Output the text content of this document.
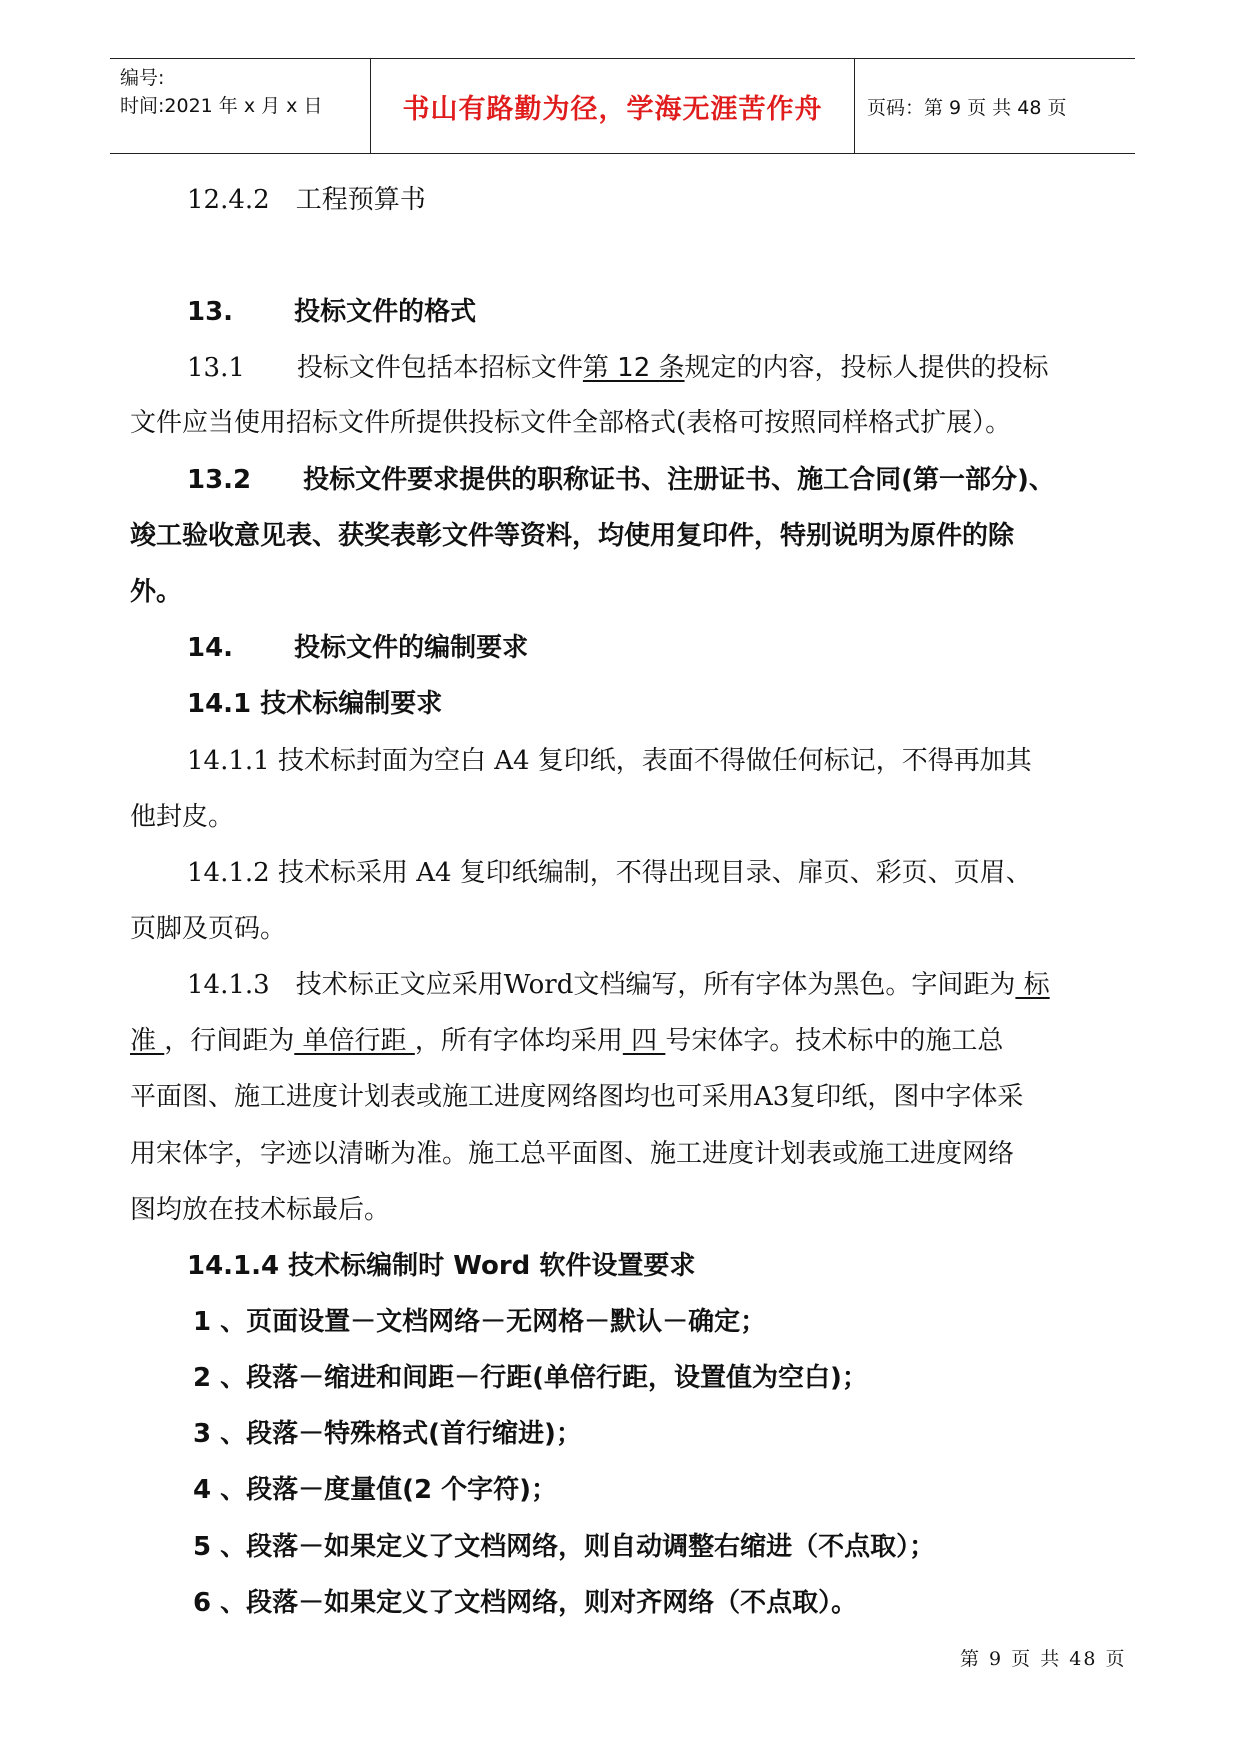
编号:
时间:2021 年 x 月 x 日	书山有路勤为径，学海无涯苦作舟	页码：第 9 页 共 48 页
12.4.2　工程预算书
13.　　 投标文件的格式
13.1　　投标文件包括本招标文件第 12 条规定的内容，投标人提供的投标
文件应当使用招标文件所提供投标文件全部格式(表格可按照同样格式扩展）。
13.2　　投标文件要求提供的职称证书、注册证书、施工合同(第一部分)、
竣工验收意见表、获奖表彰文件等资料，均使用复印件，特别说明为原件的除
外。
14.　　 投标文件的编制要求
14.1 技术标编制要求
14.1.1 技术标封面为空白 A4 复印纸，表面不得做任何标记，不得再加其
他封皮。
14.1.2 技术标采用 A4 复印纸编制，不得出现目录、扉页、彩页、页眉、
页脚及页码。
14.1.3　技术标正文应采用Word文档编写，所有字体为黑色。字间距为 标
准 ，行间距为 单倍行距 ，所有字体均采用 四 号宋体字。技术标中的施工总
平面图、施工进度计划表或施工进度网络图均也可采用A3复印纸，图中字体采
用宋体字，字迹以清晰为准。施工总平面图、施工进度计划表或施工进度网络
图均放在技术标最后。
14.1.4 技术标编制时 Word 软件设置要求
1 、页面设置－文档网络－无网格－默认－确定；
2 、段落－缩进和间距－行距(单倍行距，设置值为空白)；
3 、段落－特殊格式(首行缩进)；
4 、段落－度量值(2 个字符)；
5 、段落－如果定义了文档网络，则自动调整右缩进（不点取）；
6 、段落－如果定义了文档网络，则对齐网络（不点取）。
第 9 页 共 48 页
